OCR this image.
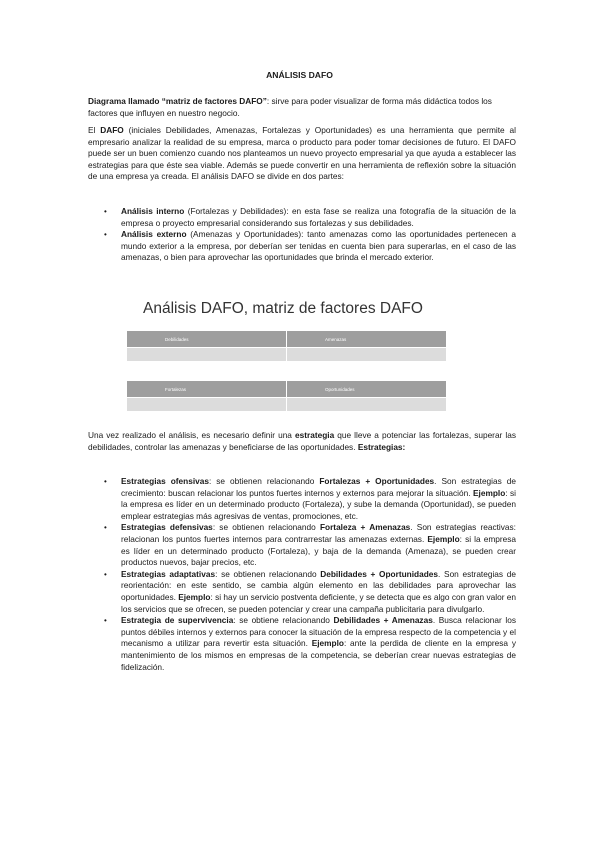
ANÁLISIS DAFO

Diagrama llamado “matriz de factores DAFO”: sirve para poder visualizar de forma más didáctica todos los factores que influyen en nuestro negocio.

El DAFO (iniciales Debilidades, Amenazas, Fortalezas y Oportunidades) es una herramienta que permite al empresario analizar la realidad de su empresa, marca o producto para poder tomar decisiones de futuro. El DAFO puede ser un buen comienzo cuando nos planteamos un nuevo proyecto empresarial ya que ayuda a establecer las estrategias para que éste sea viable. Además se puede convertir en una herramienta de reflexión sobre la situación de una empresa ya creada. El análisis DAFO se divide en dos partes:

• Análisis interno (Fortalezas y Debilidades): en esta fase se realiza una fotografía de la situación de la empresa o proyecto empresarial considerando sus fortalezas y sus debilidades.
• Análisis externo (Amenazas y Oportunidades): tanto amenazas como las oportunidades pertenecen a mundo exterior a la empresa, por deberían ser tenidas en cuenta bien para superarlas, en el caso de las amenazas, o bien para aprovechar las oportunidades que brinda el mercado exterior.
Análisis DAFO, matriz de factores DAFO
Debilidades	Amenazas

Fortalezas	Oportunidades

Una vez realizado el análisis, es necesario definir una estrategia que lleve a potenciar las fortalezas, superar las debilidades, controlar las amenazas y beneficiarse de las oportunidades. Estrategias:

• Estrategias ofensivas: se obtienen relacionando Fortalezas + Oportunidades. Son estrategias de crecimiento: buscan relacionar los puntos fuertes internos y externos para mejorar la situación. Ejemplo: si la empresa es líder en un determinado producto (Fortaleza), y sube la demanda (Oportunidad), se pueden emplear estrategias más agresivas de ventas, promociones, etc.
• Estrategias defensivas: se obtienen relacionando Fortaleza + Amenazas. Son estrategias reactivas: relacionan los puntos fuertes internos para contrarrestar las amenazas externas. Ejemplo: si la empresa es líder en un determinado producto (Fortaleza), y baja de la demanda (Amenaza), se pueden crear productos nuevos, bajar precios, etc.
• Estrategias adaptativas: se obtienen relacionando Debilidades + Oportunidades. Son estrategias de reorientación: en este sentido, se cambia algún elemento en las debilidades para aprovechar las oportunidades. Ejemplo: si hay un servicio postventa deficiente, y se detecta que es algo con gran valor en los servicios que se ofrecen, se pueden potenciar y crear una campaña publicitaria para divulgarlo.
• Estrategia de supervivencia: se obtiene relacionando Debilidades + Amenazas. Busca relacionar los puntos débiles internos y externos para conocer la situación de la empresa respecto de la competencia y el mecanismo a utilizar para revertir esta situación. Ejemplo: ante la perdida de cliente en la empresa y mantenimiento de los mismos en empresas de la competencia, se deberían crear nuevas estrategias de fidelización.
